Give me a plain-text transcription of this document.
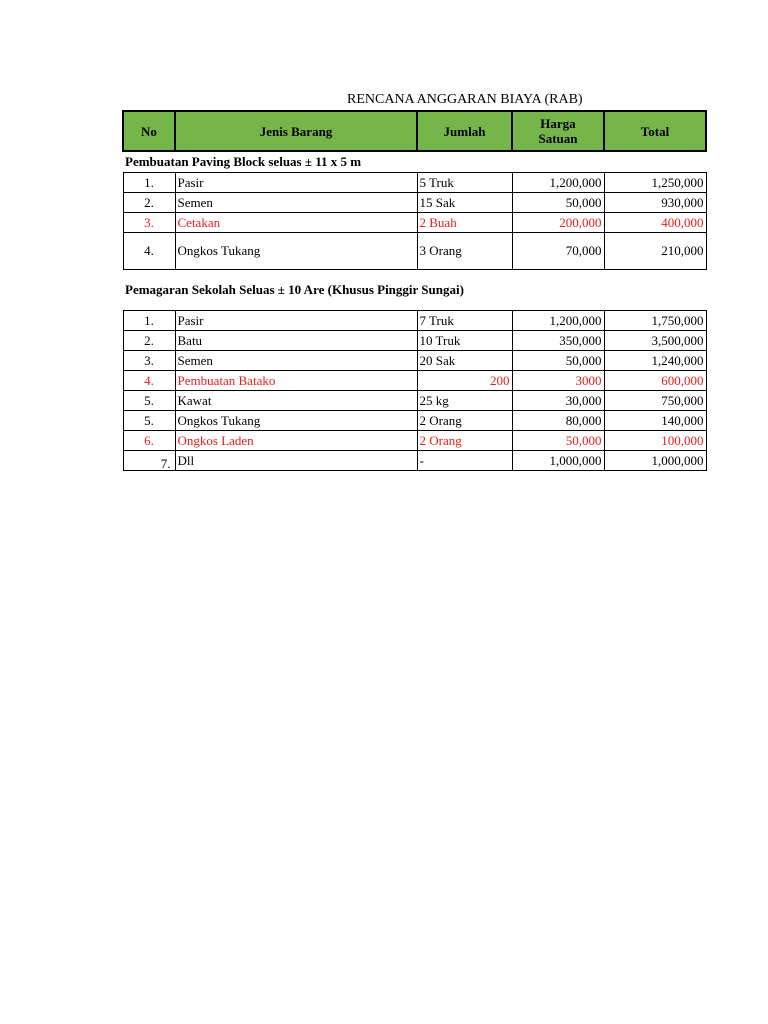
RENCANA ANGGARAN BIAYA (RAB)
No	Jenis Barang	Jumlah	Harga Satuan	Total
Pembuatan Paving Block seluas ± 11 x 5 m				
1.	Pasir	5 Truk	1,200,000	1,250,000
2.	Semen	15 Sak	50,000	930,000
3.	Cetakan	2 Buah	200,000	400,000
4.	Ongkos Tukang	3 Orang	70,000	210,000

Pemagaran Sekolah Seluas ± 10 Are (Khusus Pinggir Sungai)				

1.	Pasir	7 Truk	1,200,000	1,750,000
2.	Batu	10 Truk	350,000	3,500,000
3.	Semen	20 Sak	50,000	1,240,000
4.	Pembuatan Batako	200	3000	600,000
5.	Kawat	25 kg	30,000	750,000
5.	Ongkos Tukang	2 Orang	80,000	140,000
6.	Ongkos Laden	2 Orang	50,000	100,000

7.	Dll	-	1,000,000	1,000,000
